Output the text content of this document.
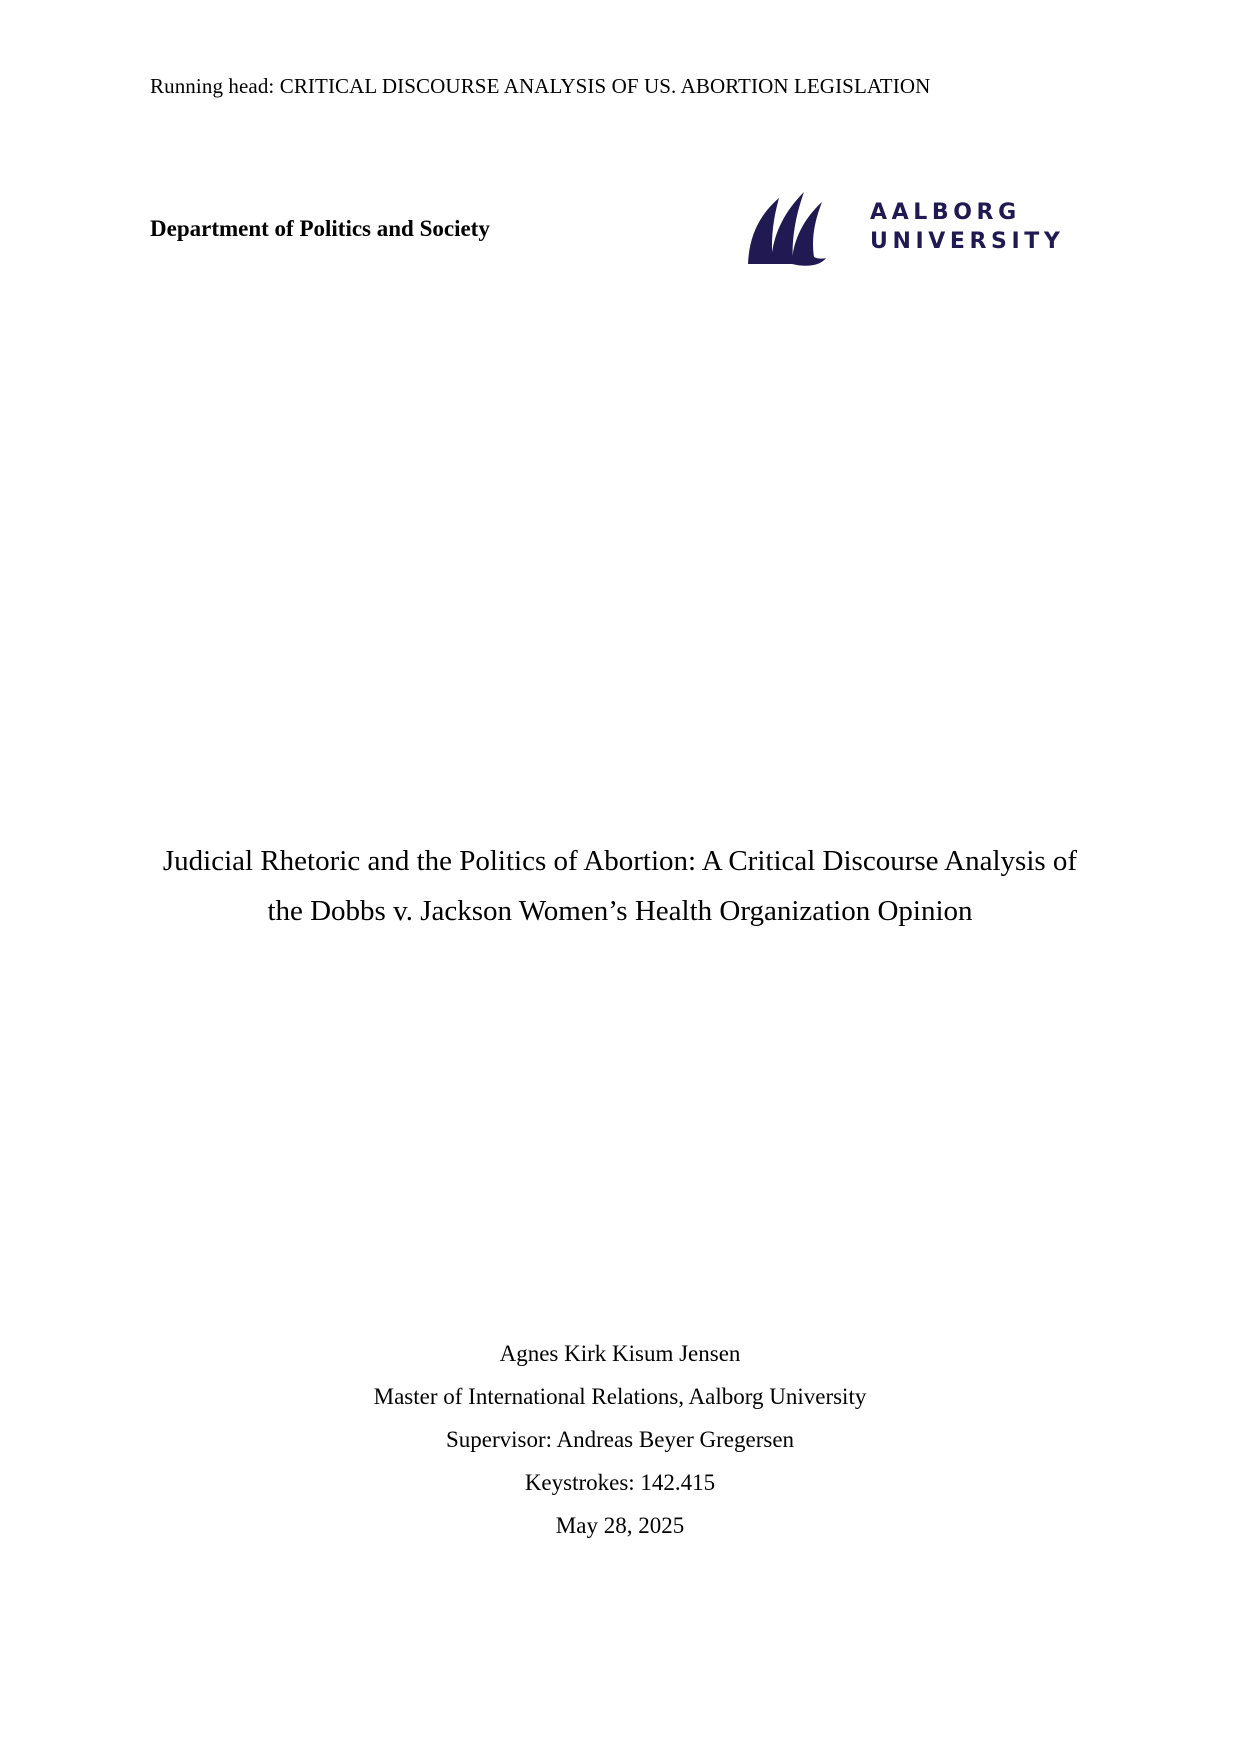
Running head: CRITICAL DISCOURSE ANALYSIS OF US. ABORTION LEGISLATION
Department of Politics and Society
AALBORG
UNIVERSITY
Judicial Rhetoric and the Politics of Abortion: A Critical Discourse Analysis of
the Dobbs v. Jackson Women’s Health Organization Opinion
Agnes Kirk Kisum Jensen
Master of International Relations, Aalborg University
Supervisor: Andreas Beyer Gregersen
Keystrokes: 142.415
May 28, 2025
